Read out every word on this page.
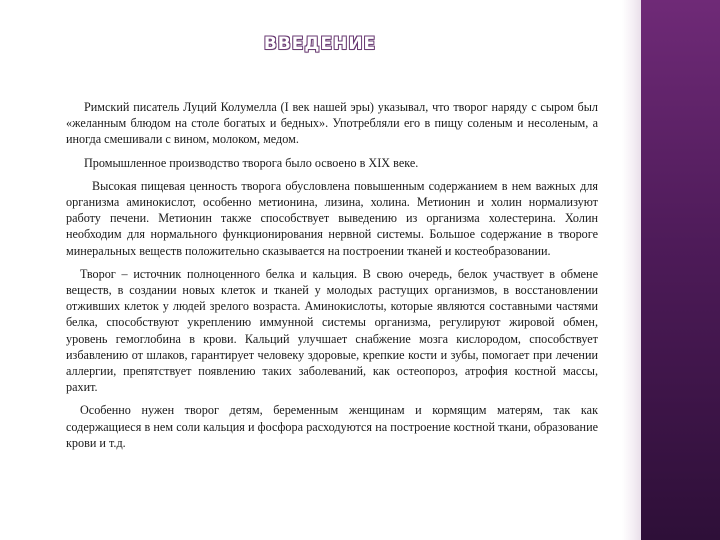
ВВЕДЕНИЕ

Римский писатель Луций Колумелла (I век нашей эры) указывал, что творог наряду с сыром был «желанным блюдом на столе богатых и бедных». Употребляли его в пищу соленым и несоленым, а иногда смешивали с вином, молоком, медом.

Промышленное производство творога было освоено в XIX веке.

Высокая пищевая ценность творога обусловлена повышенным содержанием в нем важных для организма аминокислот, особенно метионина, лизина, холина. Метионин и холин нормализуют работу печени. Метионин также способствует выведению из организма холестерина. Холин необходим для нормального функционирования нервной системы. Большое содержание в твороге минеральных веществ положительно сказывается на построении тканей и костеобразовании.

Творог – источник полноценного белка и кальция. В свою очередь, белок участвует в обмене веществ, в создании новых клеток и тканей у молодых растущих организмов, в восстановлении отживших клеток у людей зрелого возраста. Аминокислоты, которые являются составными частями белка, способствуют укреплению иммунной системы организма, регулируют жировой обмен, уровень гемоглобина в крови. Кальций улучшает снабжение мозга кислородом, способствует избавлению от шлаков, гарантирует человеку здоровые, крепкие кости и зубы, помогает при лечении аллергии, препятствует появлению таких заболеваний, как остеопороз, атрофия костной массы, рахит.

Особенно нужен творог детям, беременным женщинам и кормящим матерям, так как содержащиеся в нем соли кальция и фосфора расходуются на построение костной ткани, образование крови и т.д.
